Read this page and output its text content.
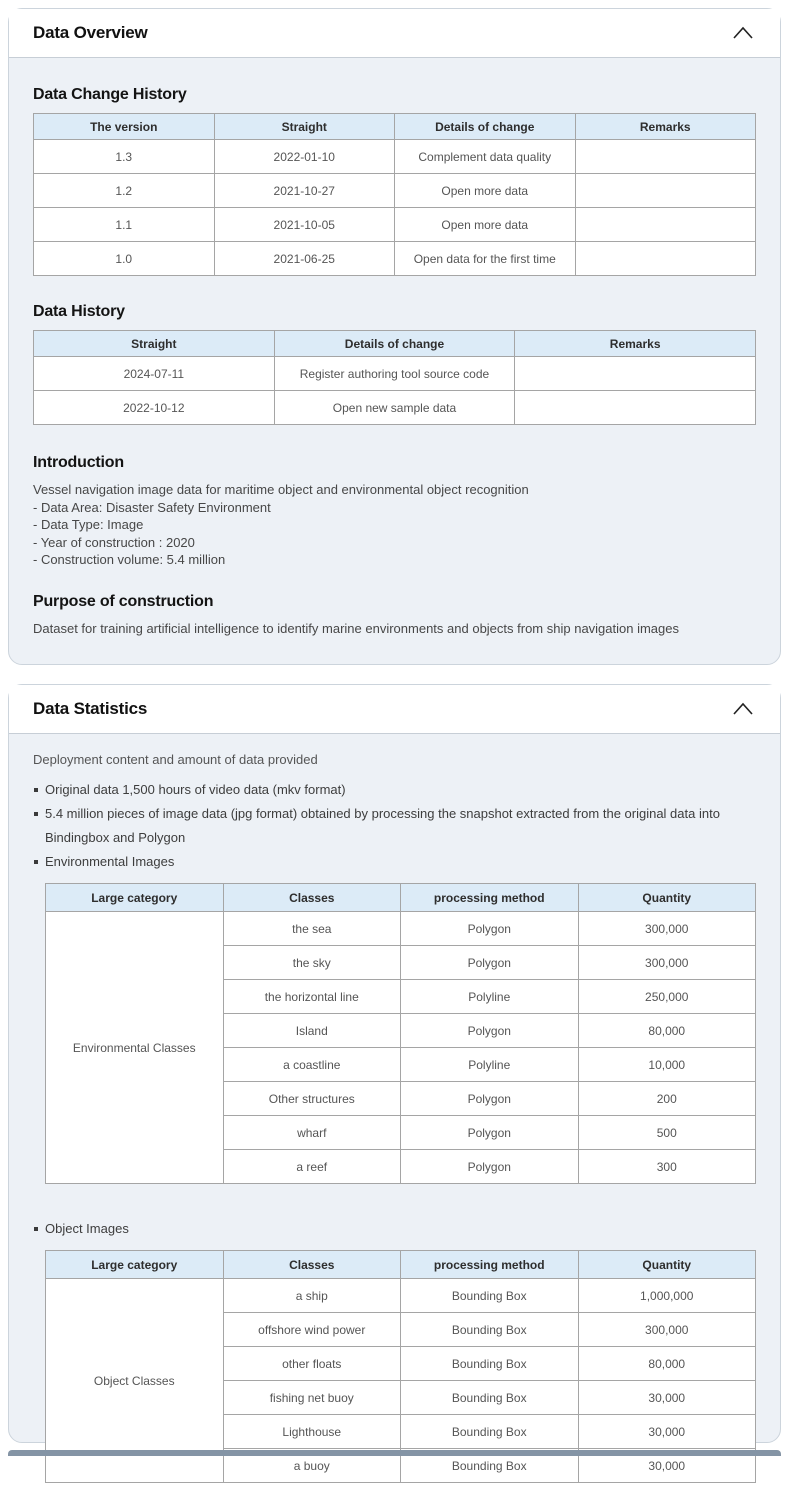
Data Overview
Data Change History
The version	Straight	Details of change	Remarks
1.3	2022-01-10	Complement data quality	
1.2	2021-10-27	Open more data	
1.1	2021-10-05	Open more data	
1.0	2021-06-25	Open data for the first time	
Data History
Straight	Details of change	Remarks
2024-07-11	Register authoring tool source code	
2022-10-12	Open new sample data	
Introduction
Vessel navigation image data for maritime object and environmental object recognition
- Data Area: Disaster Safety Environment
- Data Type: Image
- Year of construction : 2020
- Construction volume: 5.4 million
Purpose of construction

Dataset for training artificial intelligence to identify marine environments and objects from ship navigation images

Data Statistics

Deployment content and amount of data provided

Original data 1,500 hours of video data (mkv format)
5.4 million pieces of image data (jpg format) obtained by processing the snapshot extracted from the original data into Bindingbox and Polygon
Environmental Images
Large category	Classes	processing method	Quantity
Environmental Classes	the sea	Polygon	300,000
	the sky	Polygon	300,000
	the horizontal line	Polyline	250,000
	Island	Polygon	80,000
	a coastline	Polyline	10,000
	Other structures	Polygon	200
	wharf	Polygon	500
	a reef	Polygon	300
Object Images
Large category	Classes	processing method	Quantity
Object Classes	a ship	Bounding Box	1,000,000
	offshore wind power	Bounding Box	300,000
	other floats	Bounding Box	80,000
	fishing net buoy	Bounding Box	30,000
	Lighthouse	Bounding Box	30,000
	a buoy	Bounding Box	30,000
